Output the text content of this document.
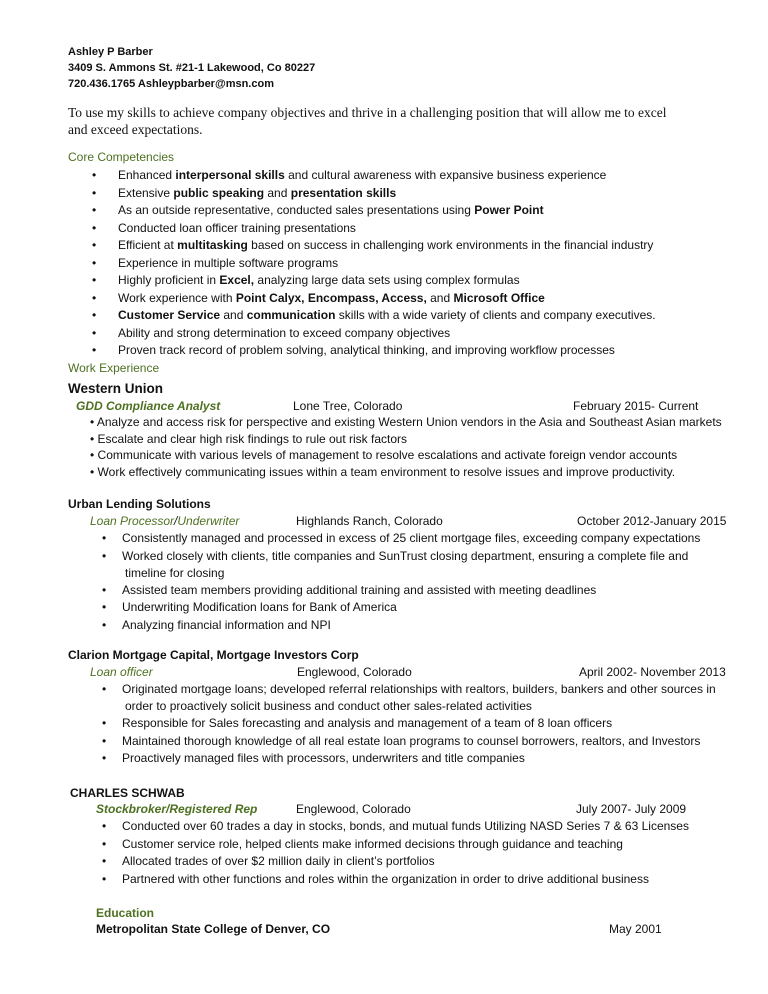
Ashley P Barber
3409 S. Ammons St. #21-1 Lakewood, Co 80227
720.436.1765 Ashleypbarber@msn.com
To use my skills to achieve company objectives and thrive in a challenging position that will allow me to excel and exceed expectations.
Core Competencies
• Enhanced interpersonal skills and cultural awareness with expansive business experience
• Extensive public speaking and presentation skills
• As an outside representative, conducted sales presentations using Power Point
• Conducted loan officer training presentations
• Efficient at multitasking based on success in challenging work environments in the financial industry
• Experience in multiple software programs
• Highly proficient in Excel, analyzing large data sets using complex formulas
• Work experience with Point Calyx, Encompass, Access, and Microsoft Office
• Customer Service and communication skills with a wide variety of clients and company executives.
• Ability and strong determination to exceed company objectives
• Proven track record of problem solving, analytical thinking, and improving workflow processes
Work Experience
Western Union
GDD Compliance Analyst	Lone Tree, Colorado	February 2015- Current
• Analyze and access risk for perspective and existing Western Union vendors in the Asia and Southeast Asian markets
• Escalate and clear high risk findings to rule out risk factors
• Communicate with various levels of management to resolve escalations and activate foreign vendor accounts
• Work effectively communicating issues within a team environment to resolve issues and improve productivity.
Urban Lending Solutions
Loan Processor/Underwriter	Highlands Ranch, Colorado	October 2012-January 2015
• Consistently managed and processed in excess of 25 client mortgage files, exceeding company expectations
• Worked closely with clients, title companies and SunTrust closing department, ensuring a complete file and
timeline for closing
• Assisted team members providing additional training and assisted with meeting deadlines
• Underwriting Modification loans for Bank of America
• Analyzing financial information and NPI
Clarion Mortgage Capital, Mortgage Investors Corp
Loan officer	Englewood, Colorado	April 2002- November 2013
• Originated mortgage loans; developed referral relationships with realtors, builders, bankers and other sources in
order to proactively solicit business and conduct other sales-related activities
• Responsible for Sales forecasting and analysis and management of a team of 8 loan officers
• Maintained thorough knowledge of all real estate loan programs to counsel borrowers, realtors, and Investors
• Proactively managed files with processors, underwriters and title companies
CHARLES SCHWAB
Stockbroker/Registered Rep	Englewood, Colorado	July 2007- July 2009
• Conducted over 60 trades a day in stocks, bonds, and mutual funds Utilizing NASD Series 7 & 63 Licenses
• Customer service role, helped clients make informed decisions through guidance and teaching
• Allocated trades of over $2 million daily in client’s portfolios
• Partnered with other functions and roles within the organization in order to drive additional business
Education
Metropolitan State College of Denver, CO	May 2001
